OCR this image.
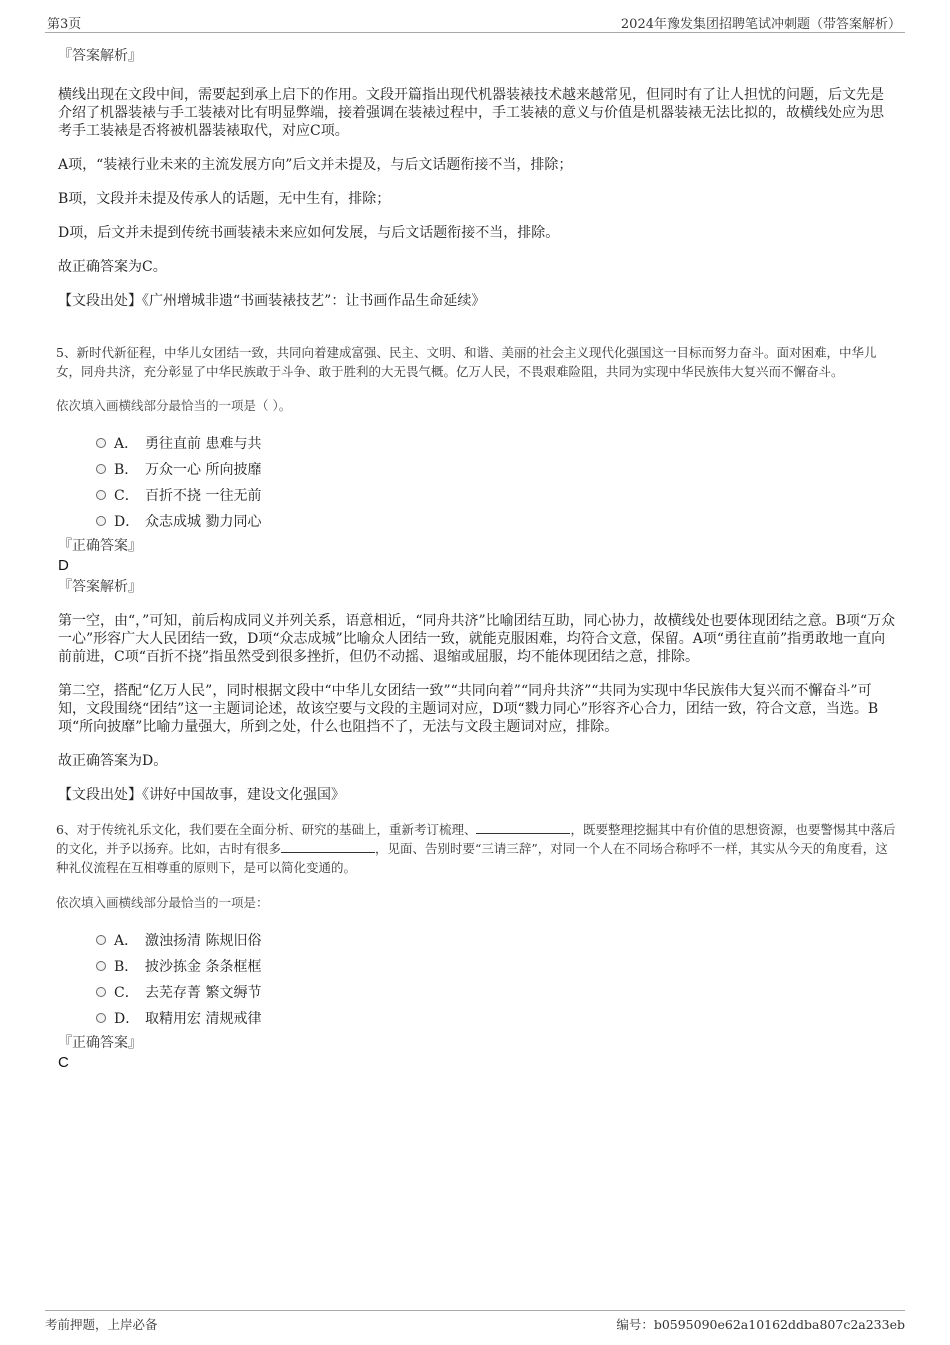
第3页	2024年豫发集团招聘笔试冲刺题（带答案解析）
『答案解析』

横线出现在文段中间，需要起到承上启下的作用。文段开篇指出现代机器装裱技术越来越常见，但同时有了让人担忧的问题，后文先是介绍了机器装裱与手工装裱对比有明显弊端，接着强调在装裱过程中，手工装裱的意义与价值是机器装裱无法比拟的，故横线处应为思考手工装裱是否将被机器装裱取代，对应C项。

A项，“装裱行业未来的主流发展方向”后文并未提及，与后文话题衔接不当，排除；

B项，文段并未提及传承人的话题，无中生有，排除；

D项，后文并未提到传统书画装裱未来应如何发展，与后文话题衔接不当，排除。

故正确答案为C。

【文段出处】《广州增城非遗“书画装裱技艺”：让书画作品生命延续》

5、新时代新征程，中华儿女团结一致，共同向着建成富强、民主、文明、和谐、美丽的社会主义现代化强国这一目标而努力奋斗。面对困难，中华儿女，同舟共济，充分彰显了中华民族敢于斗争、敢于胜利的大无畏气概。亿万人民，不畏艰难险阻，共同为实现中华民族伟大复兴而不懈奋斗。

依次填入画横线部分最恰当的一项是（ ）。

A． 勇往直前 患难与共
B． 万众一心 所向披靡
C． 百折不挠 一往无前
D． 众志成城 勠力同心
『正确答案』
D
『答案解析』

第一空，由“，”可知，前后构成同义并列关系，语意相近，“同舟共济”比喻团结互助，同心协力，故横线处也要体现团结之意。B项“万众一心”形容广大人民团结一致，D项“众志成城”比喻众人团结一致，就能克服困难，均符合文意，保留。A项“勇往直前”指勇敢地一直向前前进，C项“百折不挠”指虽然受到很多挫折，但仍不动摇、退缩或屈服，均不能体现团结之意，排除。

第二空，搭配“亿万人民”，同时根据文段中“中华儿女团结一致”“共同向着”“同舟共济”“共同为实现中华民族伟大复兴而不懈奋斗”可知，文段围绕“团结”这一主题词论述，故该空要与文段的主题词对应，D项“戮力同心”形容齐心合力，团结一致，符合文意，当选。B项“所向披靡”比喻力量强大，所到之处，什么也阻挡不了，无法与文段主题词对应，排除。

故正确答案为D。

【文段出处】《讲好中国故事，建设文化强国》

6、对于传统礼乐文化，我们要在全面分析、研究的基础上，重新考订梳理、	，既要整理挖掘其中有价值的思想资源，也要警惕其中落后的文化，并予以扬弃。比如，古时有很多	，见面、告别时要“三请三辞”，对同一个人在不同场合称呼不一样，其实从今天的角度看，这种礼仪流程在互相尊重的原则下，是可以简化变通的。

依次填入画横线部分最恰当的一项是：

A． 激浊扬清 陈规旧俗
B． 披沙拣金 条条框框
C． 去芜存菁 繁文缛节
D． 取精用宏 清规戒律
『正确答案』
C
考前押题，上岸必备	编号：b0595090e62a10162ddba807c2a233eb
